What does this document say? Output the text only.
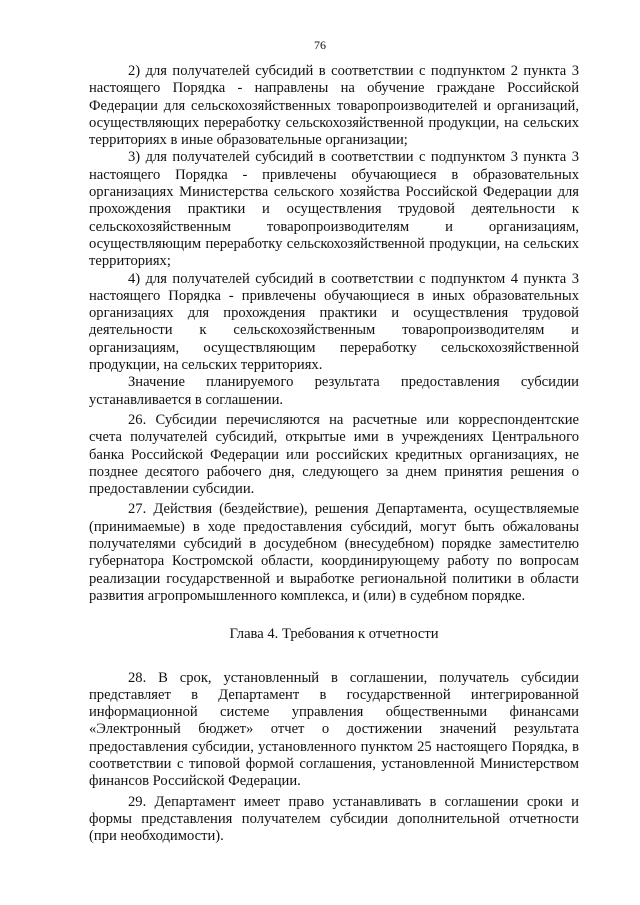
76

2) для получателей субсидий в соответствии с подпунктом 2 пункта 3 настоящего Порядка - направлены на обучение граждане Российской Федерации для сельскохозяйственных товаропроизводителей и организаций, осуществляющих переработку сельскохозяйственной продукции, на сельских территориях в иные образовательные организации;

3) для получателей субсидий в соответствии с подпунктом 3 пункта 3 настоящего Порядка - привлечены обучающиеся в образовательных организациях Министерства сельского хозяйства Российской Федерации для прохождения практики и осуществления трудовой деятельности к сельскохозяйственным товаропроизводителям и организациям, осуществляющим переработку сельскохозяйственной продукции, на сельских территориях;

4) для получателей субсидий в соответствии с подпунктом 4 пункта 3 настоящего Порядка - привлечены обучающиеся в иных образовательных организациях для прохождения практики и осуществления трудовой деятельности к сельскохозяйственным товаропроизводителям и организациям, осуществляющим переработку сельскохозяйственной продукции, на сельских территориях.

Значение планируемого результата предоставления субсидии устанавливается в соглашении.

26. Субсидии перечисляются на расчетные или корреспондентские счета получателей субсидий, открытые ими в учреждениях Центрального банка Российской Федерации или российских кредитных организациях, не позднее десятого рабочего дня, следующего за днем принятия решения о предоставлении субсидии.

27. Действия (бездействие), решения Департамента, осуществляемые (принимаемые) в ходе предоставления субсидий, могут быть обжалованы получателями субсидий в досудебном (внесудебном) порядке заместителю губернатора Костромской области, координирующему работу по вопросам реализации государственной и выработке региональной политики в области развития агропромышленного комплекса, и (или) в судебном порядке.

Глава 4. Требования к отчетности

28. В срок, установленный в соглашении, получатель субсидии представляет в Департамент в государственной интегрированной информационной системе управления общественными финансами «Электронный бюджет» отчет о достижении значений результата предоставления субсидии, установленного пунктом 25 настоящего Порядка, в соответствии с типовой формой соглашения, установленной Министерством финансов Российской Федерации.

29. Департамент имеет право устанавливать в соглашении сроки и формы представления получателем субсидии дополнительной отчетности (при необходимости).
